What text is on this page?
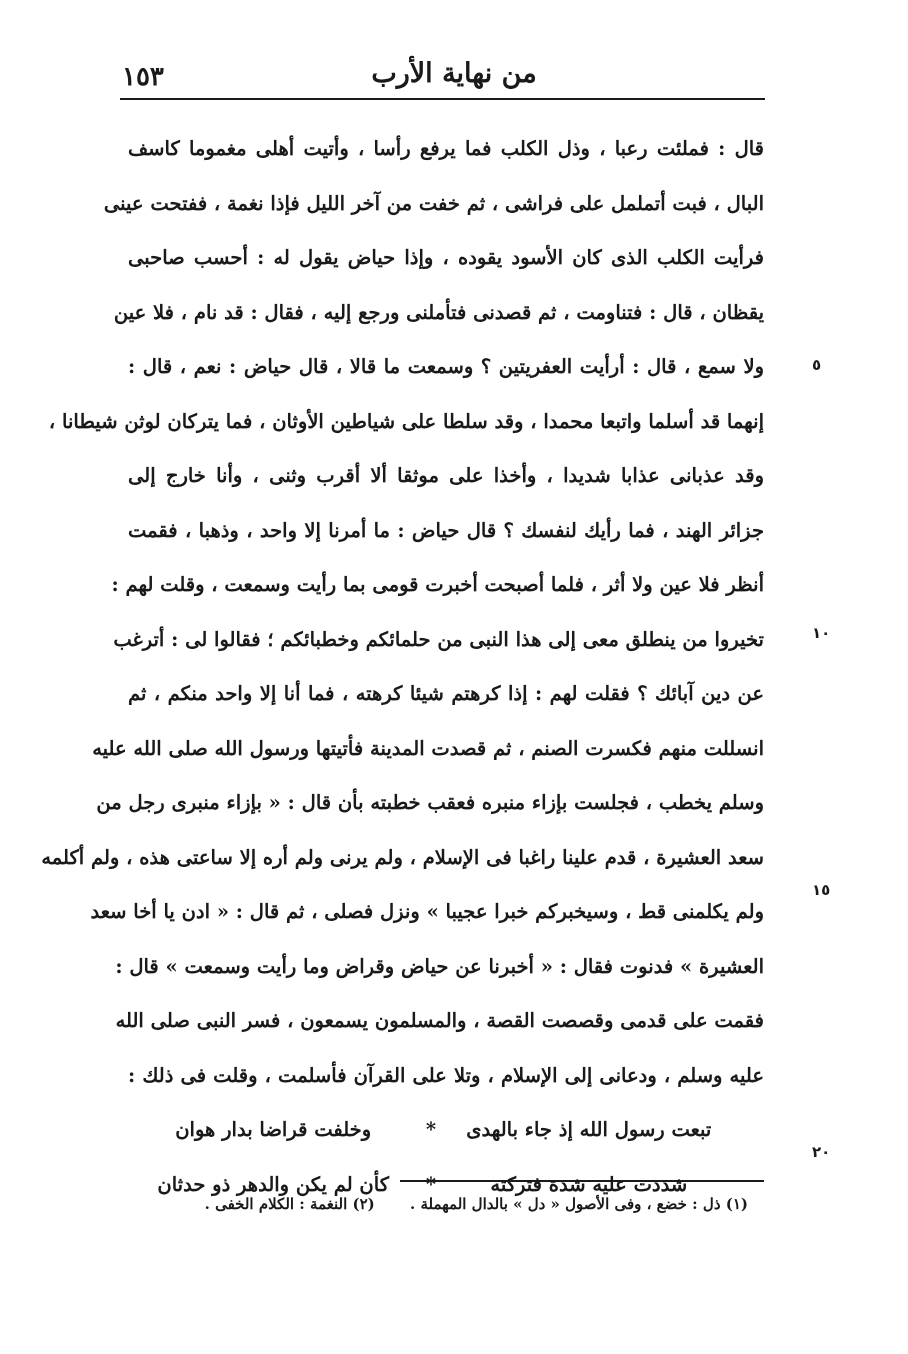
من نهاية الأرب
١٥٣
قال : فملئت رعبا ، وذل الكلب فما يرفع رأسا ، وأتيت أهلى مغموما كاسف
البال ، فبت أتململ على فراشى ، ثم خفت من آخر الليل فإذا نغمة ، ففتحت عينى
فرأيت الكلب الذى كان الأسود يقوده ، وإذا حياض يقول له : أحسب صاحبى
يقظان ، قال : فتناومت ، ثم قصدنى فتأملنى ورجع إليه ، فقال : قد نام ، فلا عين
ولا سمع ، قال : أرأيت العفريتين ؟ وسمعت ما قالا ، قال حياض : نعم ، قال :
إنهما قد أسلما واتبعا محمدا ، وقد سلطا على شياطين الأوثان ، فما يتركان لوثن شيطانا ،
وقد عذبانى عذابا شديدا ، وأخذا على موثقا ألا أقرب وثنى ، وأنا خارج إلى
جزائر الهند ، فما رأيك لنفسك ؟ قال حياض : ما أمرنا إلا واحد ، وذهبا ، فقمت
أنظر فلا عين ولا أثر ، فلما أصبحت أخبرت قومى بما رأيت وسمعت ، وقلت لهم :
تخيروا من ينطلق معى إلى هذا النبى من حلمائكم وخطبائكم ؛ فقالوا لى : أترغب
عن دين آبائك ؟ فقلت لهم : إذا كرهتم شيئا كرهته ، فما أنا إلا واحد منكم ، ثم
انسللت منهم فكسرت الصنم ، ثم قصدت المدينة فأتيتها ورسول الله صلى الله عليه
وسلم يخطب ، فجلست بإزاء منبره فعقب خطبته بأن قال : « بإزاء منبرى رجل من
سعد العشيرة ، قدم علينا راغبا فى الإسلام ، ولم يرنى ولم أره إلا ساعتى هذه ، ولم أكلمه
ولم يكلمنى قط ، وسيخبركم خبرا عجيبا » ونزل فصلى ، ثم قال : « ادن يا أخا سعد
العشيرة » فدنوت فقال : « أخبرنا عن حياض وقراض وما رأيت وسمعت » قال :
فقمت على قدمى وقصصت القصة ، والمسلمون يسمعون ، فسر النبى صلى الله
عليه وسلم ، ودعانى إلى الإسلام ، وتلا على القرآن فأسلمت ، وقلت فى ذلك :
تبعت رسول الله إذ جاء بالهدى
*
وخلفت قراضا بدار هوان
شددت عليه شدة فتركته
*
كأن لم يكن والدهر ذو حدثان
٥
١٠
١٥
٢٠
(١) ذل : خضع ، وفى الأصول « دل » بالدال المهملة . (٢) النغمة : الكلام الخفى .
